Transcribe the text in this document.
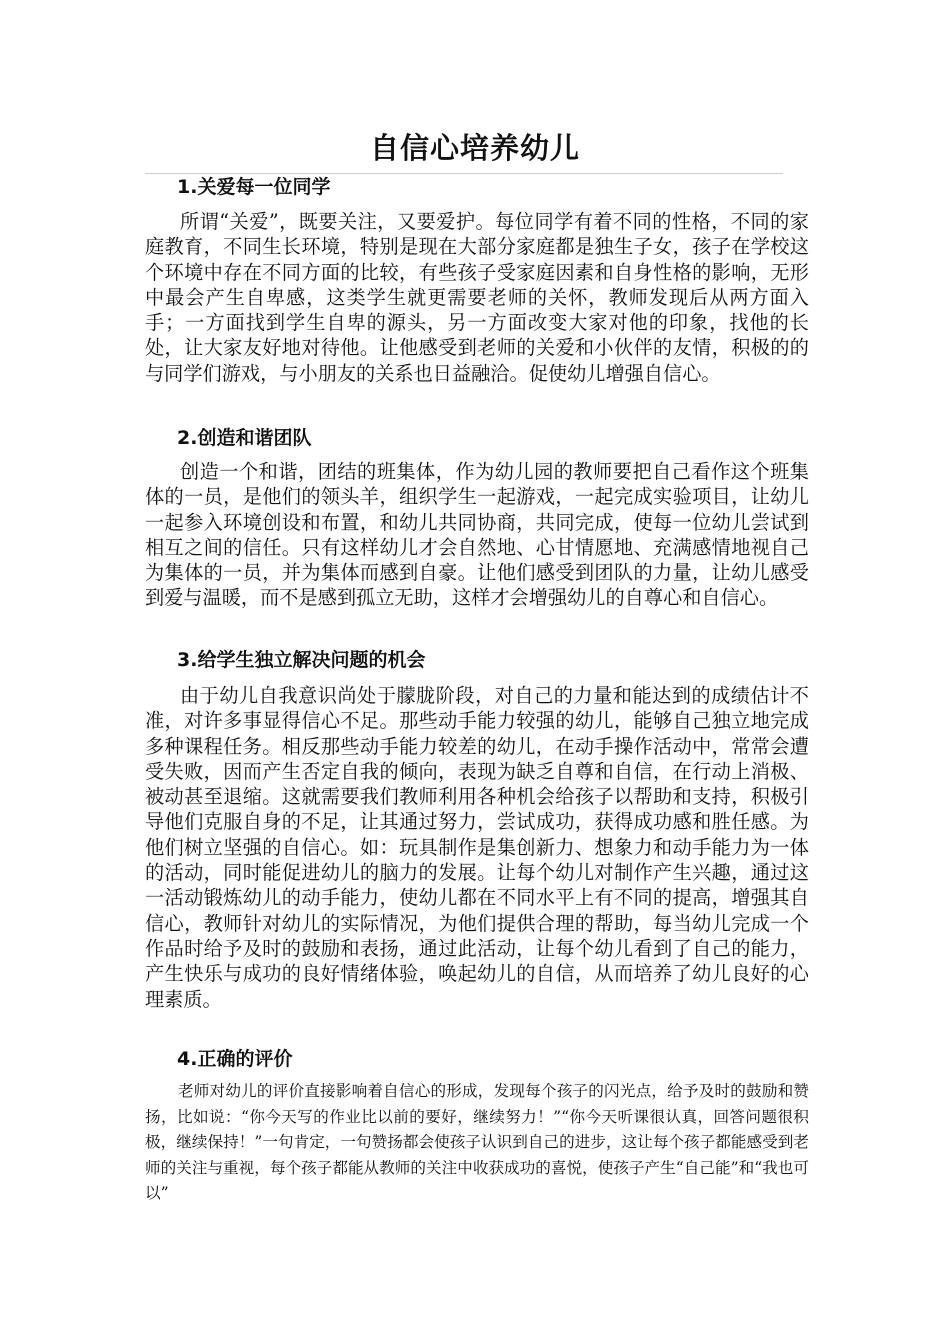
自信心培养幼儿
1.关爱每一位同学

所谓“关爱”，既要关注，又要爱护。每位同学有着不同的性格，不同的家庭教育，不同生长环境，特别是现在大部分家庭都是独生子女，孩子在学校这个环境中存在不同方面的比较，有些孩子受家庭因素和自身性格的影响，无形中最会产生自卑感，这类学生就更需要老师的关怀，教师发现后从两方面入手；一方面找到学生自卑的源头，另一方面改变大家对他的印象，找他的长处，让大家友好地对待他。让他感受到老师的关爱和小伙伴的友情，积极的的与同学们游戏，与小朋友的关系也日益融洽。促使幼儿增强自信心。

2.创造和谐团队

创造一个和谐，团结的班集体，作为幼儿园的教师要把自己看作这个班集体的一员，是他们的领头羊，组织学生一起游戏，一起完成实验项目，让幼儿一起参入环境创设和布置，和幼儿共同协商，共同完成，使每一位幼儿尝试到相互之间的信任。只有这样幼儿才会自然地、心甘情愿地、充满感情地视自己为集体的一员，并为集体而感到自豪。让他们感受到团队的力量，让幼儿感受到爱与温暖，而不是感到孤立无助，这样才会增强幼儿的自尊心和自信心。

3.给学生独立解决问题的机会

由于幼儿自我意识尚处于朦胧阶段，对自己的力量和能达到的成绩估计不准，对许多事显得信心不足。那些动手能力较强的幼儿，能够自己独立地完成多种课程任务。相反那些动手能力较差的幼儿，在动手操作活动中，常常会遭受失败，因而产生否定自我的倾向，表现为缺乏自尊和自信，在行动上消极、被动甚至退缩。这就需要我们教师利用各种机会给孩子以帮助和支持，积极引导他们克服自身的不足，让其通过努力，尝试成功，获得成功感和胜任感。为他们树立坚强的自信心。如：玩具制作是集创新力、想象力和动手能力为一体的活动，同时能促进幼儿的脑力的发展。让每个幼儿对制作产生兴趣，通过这一活动锻炼幼儿的动手能力，使幼儿都在不同水平上有不同的提高，增强其自信心，教师针对幼儿的实际情况，为他们提供合理的帮助，每当幼儿完成一个作品时给予及时的鼓励和表扬，通过此活动，让每个幼儿看到了自己的能力，产生快乐与成功的良好情绪体验，唤起幼儿的自信，从而培养了幼儿良好的心理素质。

4.正确的评价

老师对幼儿的评价直接影响着自信心的形成，发现每个孩子的闪光点，给予及时的鼓励和赞扬，比如说：“你今天写的作业比以前的要好，继续努力！”“你今天听课很认真，回答问题很积极，继续保持！”一句肯定，一句赞扬都会使孩子认识到自己的进步，这让每个孩子都能感受到老师的关注与重视，每个孩子都能从教师的关注中收获成功的喜悦，使孩子产生“自己能”和“我也可以”
